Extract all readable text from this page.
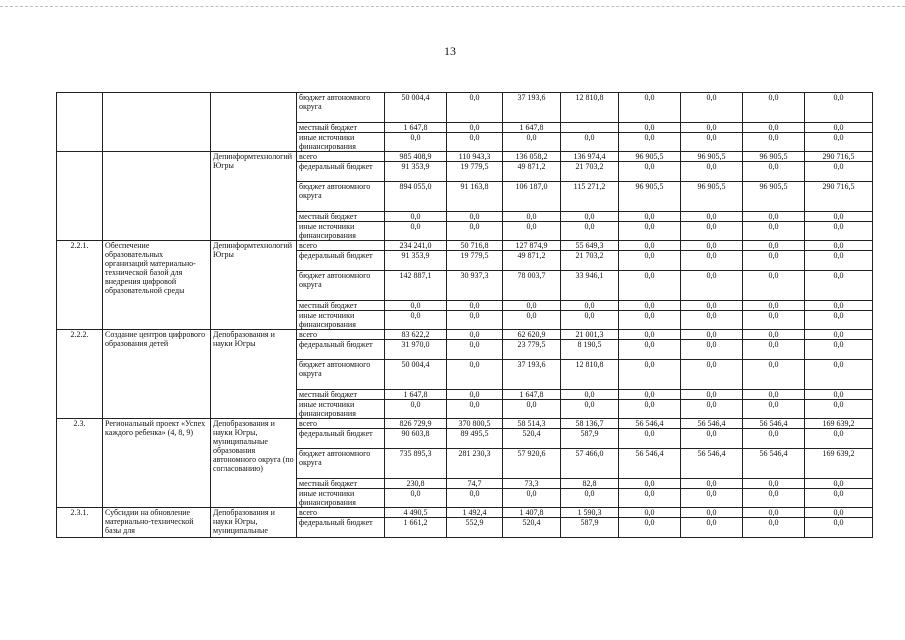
13
			бюджет автономного округа	50 004,4	0,0	37 193,6	12 810,8	0,0	0,0	0,0	0,0
			местный бюджет	1 647,8	0,0	1 647,8		0,0	0,0	0,0	0,0
			иные источники финансирования	0,0	0,0	0,0	0,0	0,0	0,0	0,0	0,0
		Депинформтехнологий Югры	всего	985 408,9	110 943,3	136 058,2	136 974,4	96 905,5	96 905,5	96 905,5	290 716,5
			федеральный бюджет	91 353,9	19 779,5	49 871,2	21 703,2	0,0	0,0	0,0	0,0
			бюджет автономного округа	894 055,0	91 163,8	106 187,0	115 271,2	96 905,5	96 905,5	96 905,5	290 716,5
			местный бюджет	0,0	0,0	0,0	0,0	0,0	0,0	0,0	0,0
			иные источники финансирования	0,0	0,0	0,0	0,0	0,0	0,0	0,0	0,0
2.2.1.	Обеспечение образовательных организаций материально-технической базой для внедрения цифровой образовательной среды	Депинформтехнологий Югры	всего	234 241,0	50 716,8	127 874,9	55 649,3	0,0	0,0	0,0	0,0
			федеральный бюджет	91 353,9	19 779,5	49 871,2	21 703,2	0,0	0,0	0,0	0,0
			бюджет автономного округа	142 887,1	30 937,3	78 003,7	33 946,1	0,0	0,0	0,0	0,0
			местный бюджет	0,0	0,0	0,0	0,0	0,0	0,0	0,0	0,0
			иные источники финансирования	0,0	0,0	0,0	0,0	0,0	0,0	0,0	0,0
2.2.2.	Создание центров цифрового образования детей	Депобразования и науки Югры	всего	83 622,2	0,0	62 620,9	21 001,3	0,0	0,0	0,0	0,0
			федеральный бюджет	31 970,0	0,0	23 779,5	8 190,5	0,0	0,0	0,0	0,0
			бюджет автономного округа	50 004,4	0,0	37 193,6	12 810,8	0,0	0,0	0,0	0,0
			местный бюджет	1 647,8	0,0	1 647,8	0,0	0,0	0,0	0,0	0,0
			иные источники финансирования	0,0	0,0	0,0	0,0	0,0	0,0	0,0	0,0
2.3.	Региональный проект «Успех каждого ребенка» (4, 8, 9)	Депобразования и науки Югры, муниципальные образования автономного округа (по согласованию)	всего	826 729,9	370 800,5	58 514,3	58 136,7	56 546,4	56 546,4	56 546,4	169 639,2
			федеральный бюджет	90 603,8	89 495,5	520,4	587,9	0,0	0,0	0,0	0,0
			бюджет автономного округа	735 895,3	281 230,3	57 920,6	57 466,0	56 546,4	56 546,4	56 546,4	169 639,2
			местный бюджет	230,8	74,7	73,3	82,8	0,0	0,0	0,0	0,0
			иные источники финансирования	0,0	0,0	0,0	0,0	0,0	0,0	0,0	0,0
2.3.1.	Субсидии на обновление материально-технической базы для	Депобразования и науки Югры, муниципальные	всего	4 490,5	1 492,4	1 407,8	1 590,3	0,0	0,0	0,0	0,0
			федеральный бюджет	1 661,2	552,9	520,4	587,9	0,0	0,0	0,0	0,0
